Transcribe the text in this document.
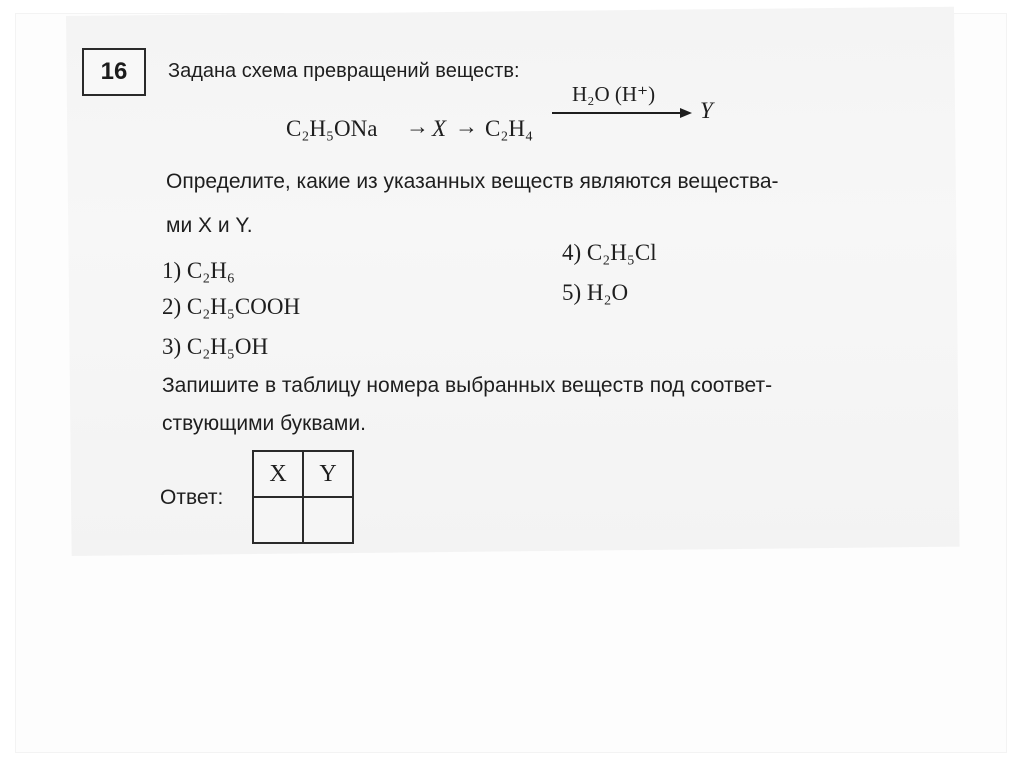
16 Задана схема превращений веществ:
C₂H₅ONa → X → C₂H₄
H₂O (H⁺)
Y
Определите, какие из указанных веществ являются вещества-
ми X и Y.
1) C₂H₆
2) C₂H₅COOH
3) C₂H₅OH
4) C₂H₅Cl
5) H₂O
Запишите в таблицу номера выбранных веществ под соответ-
ствующими буквами.
Ответ:
X	Y
